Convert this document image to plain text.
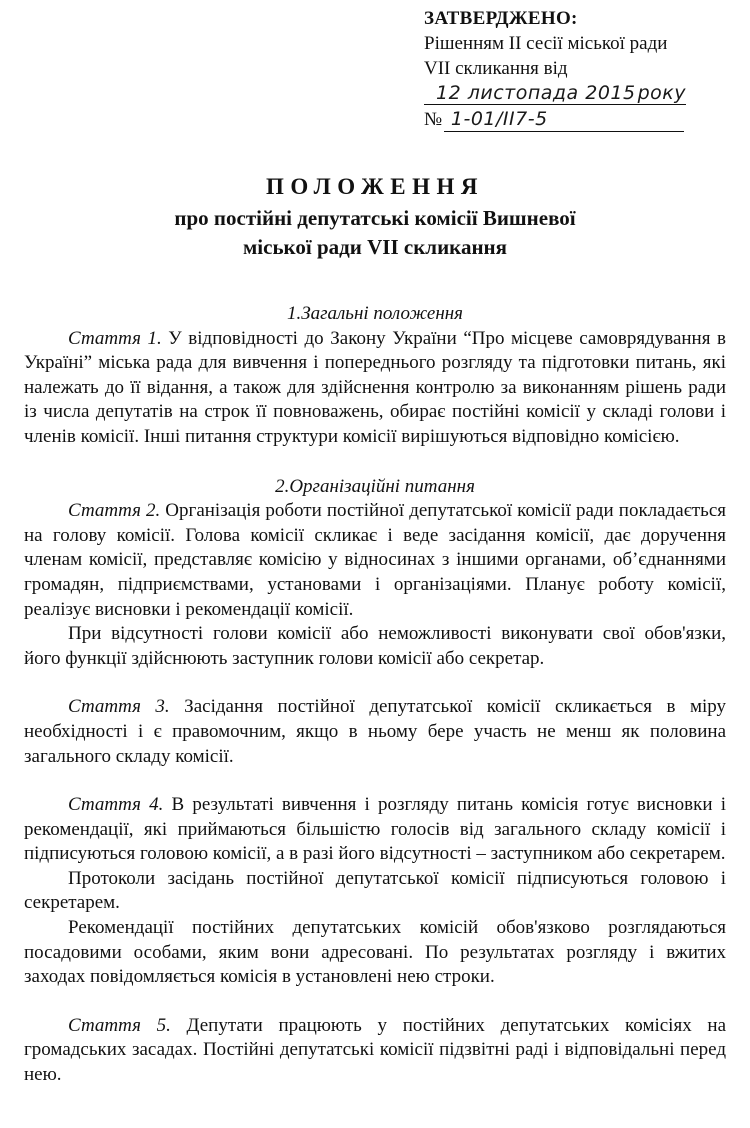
ЗАТВЕРДЖЕНО:
Рішенням ІІ сесії міської ради
VІІ скликання від
12 листопада 2015 року
№ 1-01/II7-5
ПОЛОЖЕННЯ
про постійні депутатські комісії Вишневої
міської ради VІІ скликання
1.Загальні положення

Стаття 1. У відповідності до Закону України “Про місцеве самоврядування в Україні” міська рада для вивчення і попереднього розгляду та підготовки питань, які належать до її відання, а також для здійснення контролю за виконанням рішень ради із числа депутатів на строк її повноважень, обирає постійні комісії у складі голови і членів комісії. Інші питання структури комісії вирішуються відповідно комісією.

2.Організаційні питання

Стаття 2. Організація роботи постійної депутатської комісії ради покладається на голову комісії. Голова комісії скликає і веде засідання комісії, дає доручення членам комісії, представляє комісію у відносинах з іншими органами, об’єднаннями громадян, підприємствами, установами і організаціями. Планує роботу комісії, реалізує висновки і рекомендації комісії.

При відсутності голови комісії або неможливості виконувати свої обов'язки, його функції здійснюють заступник голови комісії або секретар.

Стаття 3. Засідання постійної депутатської комісії скликається в міру необхідності і є правомочним, якщо в ньому бере участь не менш як половина загального складу комісії.

Стаття 4. В результаті вивчення і розгляду питань комісія готує висновки і рекомендації, які приймаються більшістю голосів від загального складу комісії і підписуються головою комісії, а в разі його відсутності – заступником або секретарем.

Протоколи засідань постійної депутатської комісії підписуються головою і секретарем.

Рекомендації постійних депутатських комісій обов'язково розглядаються посадовими особами, яким вони адресовані. По результатах розгляду і вжитих заходах повідомляється комісія в установлені нею строки.

Стаття 5. Депутати працюють у постійних депутатських комісіях на громадських засадах. Постійні депутатські комісії підзвітні раді і відповідальні перед нею.
